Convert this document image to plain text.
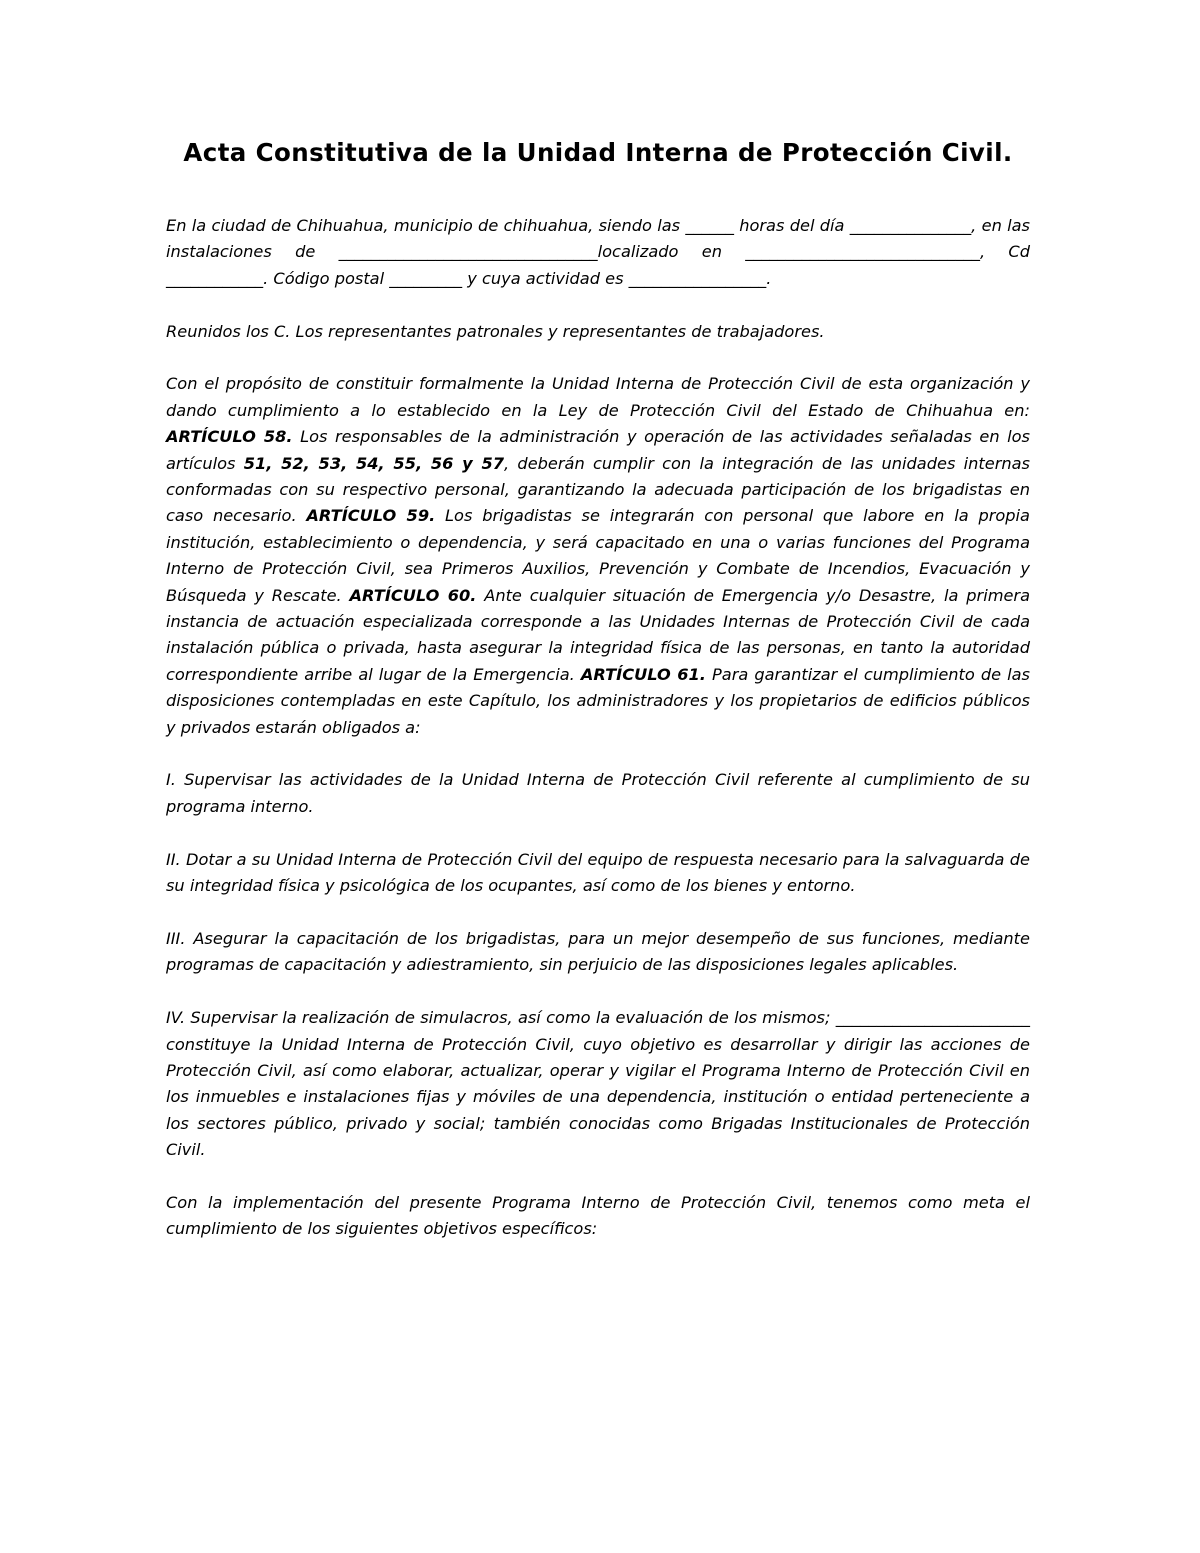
Acta Constitutiva de la Unidad Interna de Protección Civil.

En la ciudad de Chihuahua, municipio de chihuahua, siendo las ______ horas del día _______________, en las instalaciones de ________________________________localizado en _____________________________, Cd ____________. Código postal _________ y cuya actividad es _________________.

Reunidos los C. Los representantes patronales y representantes de trabajadores.

Con el propósito de constituir formalmente la Unidad Interna de Protección Civil de esta organización y dando cumplimiento a lo establecido en la Ley de Protección Civil del Estado de Chihuahua en: ARTÍCULO 58. Los responsables de la administración y operación de las actividades señaladas en los artículos 51, 52, 53, 54, 55, 56 y 57, deberán cumplir con la integración de las unidades internas conformadas con su respectivo personal, garantizando la adecuada participación de los brigadistas en caso necesario. ARTÍCULO 59. Los brigadistas se integrarán con personal que labore en la propia institución, establecimiento o dependencia, y será capacitado en una o varias funciones del Programa Interno de Protección Civil, sea Primeros Auxilios, Prevención y Combate de Incendios, Evacuación y Búsqueda y Rescate. ARTÍCULO 60. Ante cualquier situación de Emergencia y/o Desastre, la primera instancia de actuación especializada corresponde a las Unidades Internas de Protección Civil de cada instalación pública o privada, hasta asegurar la integridad física de las personas, en tanto la autoridad correspondiente arribe al lugar de la Emergencia. ARTÍCULO 61. Para garantizar el cumplimiento de las disposiciones contempladas en este Capítulo, los administradores y los propietarios de edificios públicos y privados estarán obligados a:

I. Supervisar las actividades de la Unidad Interna de Protección Civil referente al cumplimiento de su programa interno.

II. Dotar a su Unidad Interna de Protección Civil del equipo de respuesta necesario para la salvaguarda de su integridad física y psicológica de los ocupantes, así como de los bienes y entorno.

III. Asegurar la capacitación de los brigadistas, para un mejor desempeño de sus funciones, mediante programas de capacitación y adiestramiento, sin perjuicio de las disposiciones legales aplicables.

IV. Supervisar la realización de simulacros, así como la evaluación de los mismos; ________________________ constituye la Unidad Interna de Protección Civil, cuyo objetivo es desarrollar y dirigir las acciones de Protección Civil, así como elaborar, actualizar, operar y vigilar el Programa Interno de Protección Civil en los inmuebles e instalaciones fijas y móviles de una dependencia, institución o entidad perteneciente a los sectores público, privado y social; también conocidas como Brigadas Institucionales de Protección Civil.

Con la implementación del presente Programa Interno de Protección Civil, tenemos como meta el cumplimiento de los siguientes objetivos específicos:
